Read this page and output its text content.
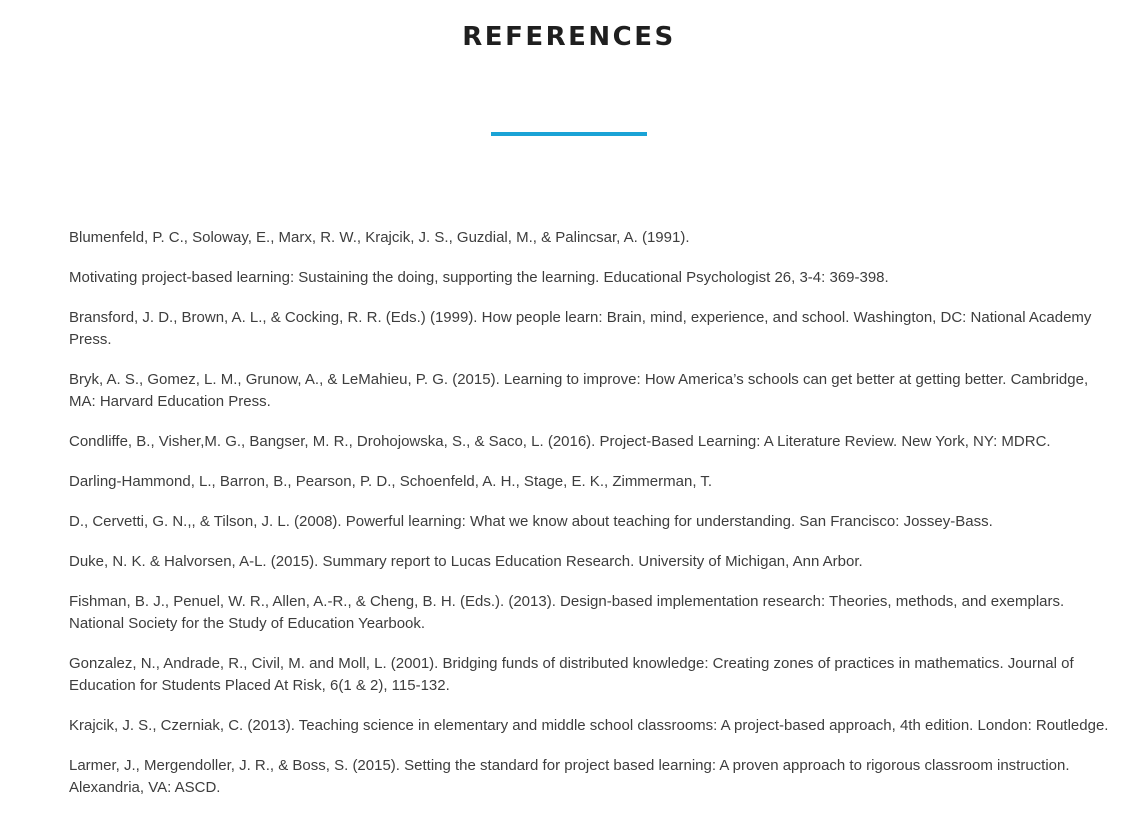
REFERENCES
Blumenfeld, P. C., Soloway, E., Marx, R. W., Krajcik, J. S., Guzdial, M., & Palincsar, A. (1991).
Motivating project-based learning: Sustaining the doing, supporting the learning. Educational Psychologist 26, 3-4: 369-398.
Bransford, J. D., Brown, A. L., & Cocking, R. R. (Eds.) (1999). How people learn: Brain, mind, experience, and school. Washington, DC: National Academy Press.
Bryk, A. S., Gomez, L. M., Grunow, A., & LeMahieu, P. G. (2015). Learning to improve: How America’s schools can get better at getting better. Cambridge, MA: Harvard Education Press.
Condliffe, B., Visher,M. G., Bangser, M. R., Drohojowska, S., & Saco, L. (2016). Project-Based Learning: A Literature Review. New York, NY: MDRC.
Darling-Hammond, L., Barron, B., Pearson, P. D., Schoenfeld, A. H., Stage, E. K., Zimmerman, T.
D., Cervetti, G. N.,, & Tilson, J. L. (2008). Powerful learning: What we know about teaching for understanding. San Francisco: Jossey-Bass.
Duke, N. K. & Halvorsen, A-L. (2015). Summary report to Lucas Education Research. University of Michigan, Ann Arbor.
Fishman, B. J., Penuel, W. R., Allen, A.-R., & Cheng, B. H. (Eds.). (2013). Design-based implementation research: Theories, methods, and exemplars. National Society for the Study of Education Yearbook.
Gonzalez, N., Andrade, R., Civil, M. and Moll, L. (2001). Bridging funds of distributed knowledge: Creating zones of practices in mathematics. Journal of Education for Students Placed At Risk, 6(1 & 2), 115-132.
Krajcik, J. S., Czerniak, C. (2013). Teaching science in elementary and middle school classrooms: A project-based approach, 4th edition. London: Routledge.
Larmer, J., Mergendoller, J. R., & Boss, S. (2015). Setting the standard for project based learning: A proven approach to rigorous classroom instruction. Alexandria, VA: ASCD.
